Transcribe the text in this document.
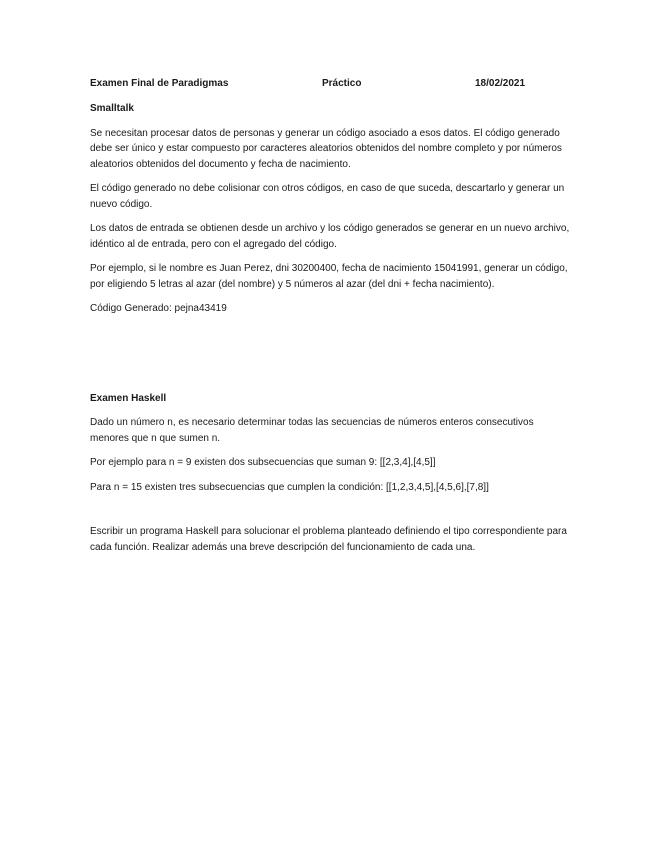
Examen Final de Paradigmas	Práctico	18/02/2021
Smalltalk

Se necesitan procesar datos de personas y generar un código asociado a esos datos. El código generado debe ser único y estar compuesto por caracteres aleatorios obtenidos del nombre completo y por números aleatorios obtenidos del documento y fecha de nacimiento.

El código generado no debe colisionar con otros códigos, en caso de que suceda, descartarlo y generar un nuevo código.

Los datos de entrada se obtienen desde un archivo y los código generados se generar en un nuevo archivo, idéntico al de entrada, pero con el agregado del código.

Por ejemplo, si le nombre es Juan Perez, dni 30200400, fecha de nacimiento 15041991, generar un código, por eligiendo 5 letras al azar (del nombre) y 5 números al azar (del dni + fecha nacimiento).

Código Generado: pejna43419

Examen Haskell

Dado un número n, es necesario determinar todas las secuencias de números enteros consecutivos menores que n que sumen n.

Por ejemplo para n = 9 existen dos subsecuencias que suman 9: [[2,3,4],[4,5]]

Para n = 15 existen tres subsecuencias que cumplen la condición: [[1,2,3,4,5],[4,5,6],[7,8]]

Escribir un programa Haskell para solucionar el problema planteado definiendo el tipo correspondiente para cada función. Realizar además una breve descripción del funcionamiento de cada una.
